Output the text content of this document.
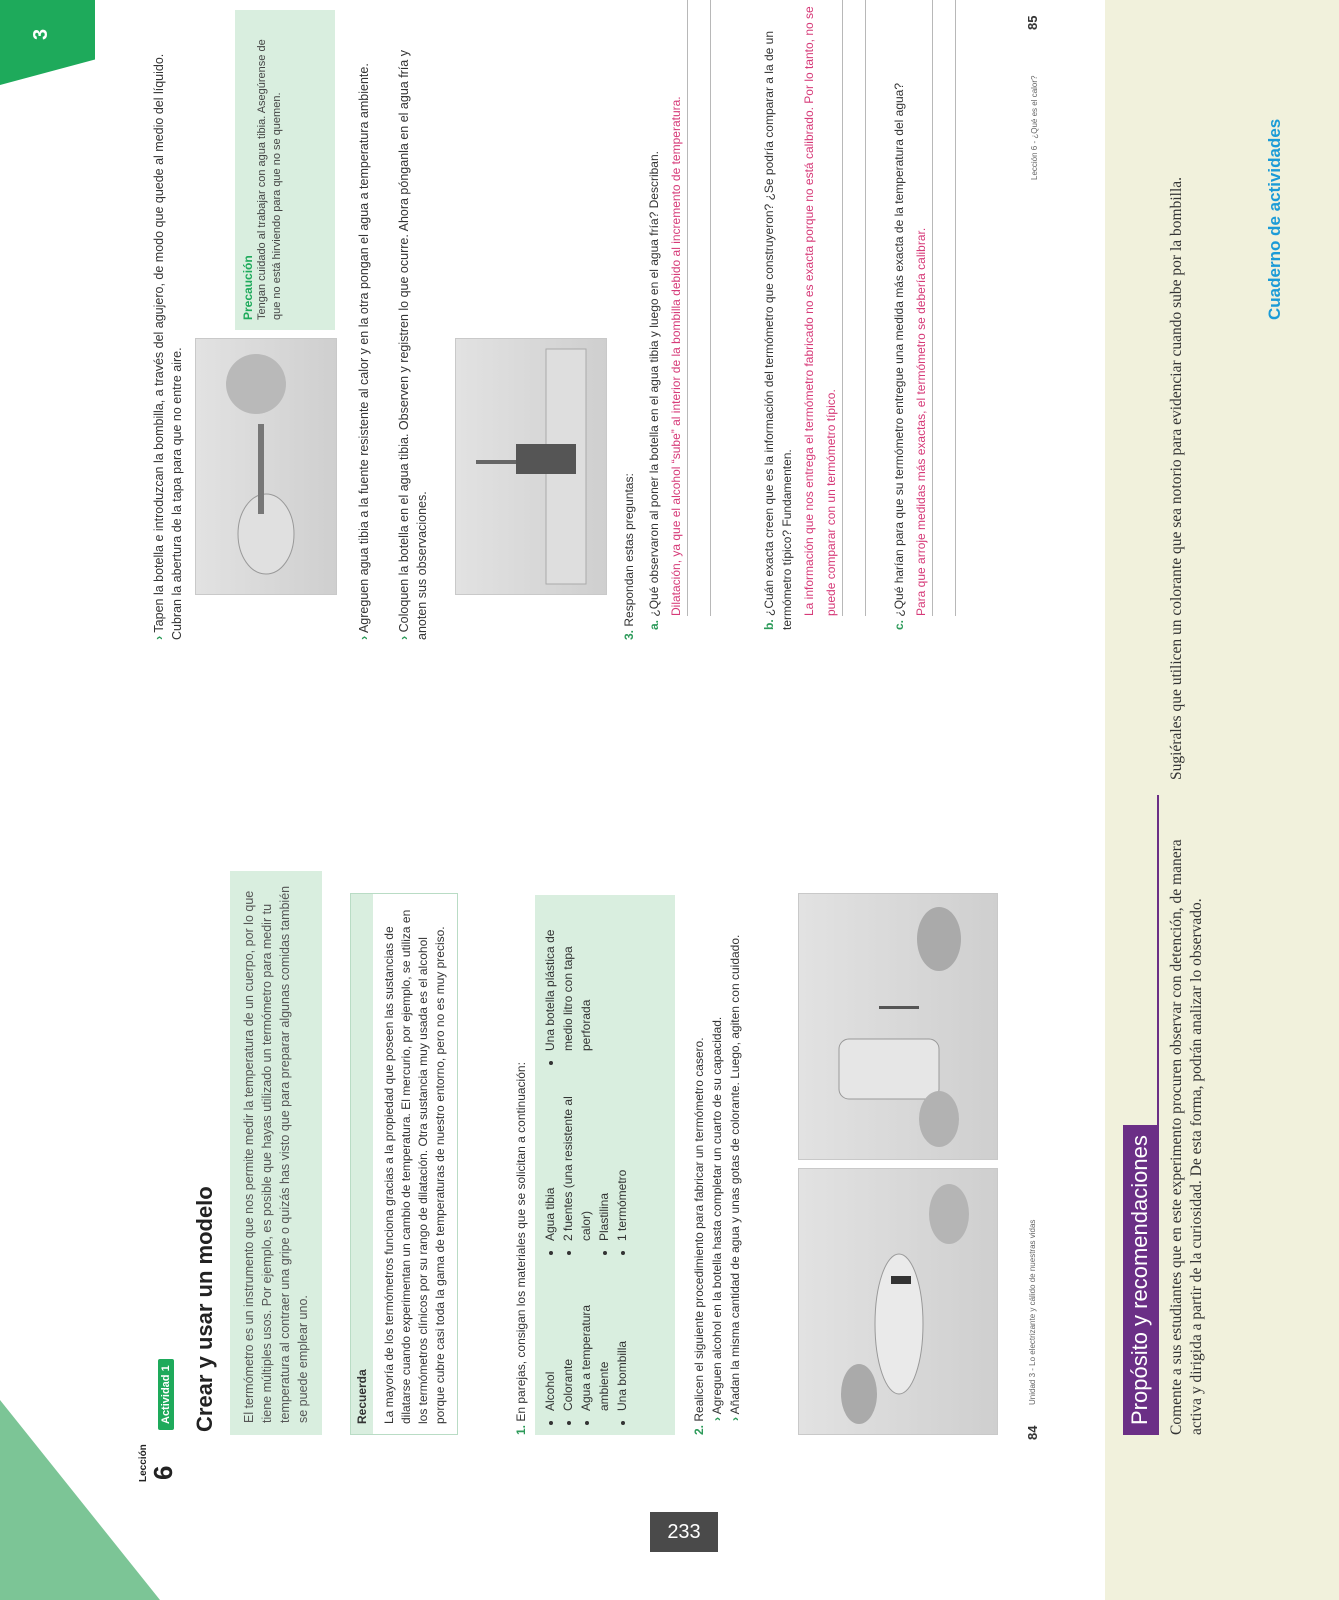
Lección 6
Actividad 1 Crear y usar un modelo	El termómetro es un instrumento que nos permite medir la temperatura de un cuerpo, por lo que tiene múltiples usos. Por ejemplo, es posible que hayas utilizado un termómetro para medir tu temperatura al contraer una gripe o quizás has visto que para preparar algunas comidas también se puede emplear uno.	Recuerda	La mayoría de los termómetros funciona gracias a la propiedad que poseen las sustancias de dilatarse cuando experimentan un cambio de temperatura. El mercurio, por ejemplo, se utiliza en los termómetros clínicos por su rango de dilatación. Otra sustancia muy usada es el alcohol porque cubre casi toda la gama de temperaturas de nuestro entorno, pero no es muy preciso.
1. En parejas, consigan los materiales que se solicitan a continuación: • Alcohol • Colorante • Agua a temperatura ambiente • Una bombilla
• Agua tibia • 2 fuentes (una resistente al calor) • Plastilina • 1 termómetro
• Una botella plástica de medio litro con tapa perforada
2. Realicen el siguiente procedimiento para fabricar un termómetro casero. › Agreguen alcohol en la botella hasta completar un cuarto de su capacidad.
› Añadan la misma cantidad de agua y unas gotas de colorante. Luego, agiten con cuidado.
84
Unidad 3 - Lo electrizante y cálido de nuestras vidas
3
› Tapen la botella e introduzcan la bombilla, a través del agujero, de modo que quede al medio del líquido. Cubran la abertura de la tapa para que no entre aire.
Precaución Tengan cuidado al trabajar con agua tibia. Asegúrense de que no está hirviendo para que no se quemen.
› Agreguen agua tibia a la fuente resistente al calor y en la otra pongan el agua a temperatura ambiente.
› Coloquen la botella en el agua tibia. Observen y registren lo que ocurre. Ahora pónganla en el agua fría y anoten sus observaciones.	3. Respondan estas preguntas: a. ¿Qué observaron al poner la botella en el agua tibia y luego en el agua fría? Describan. Dilatación, ya que el alcohol “sube” al interior de la bombilla debido al incremento de temperatura.
b. ¿Cuán exacta creen que es la información del termómetro que construyeron? ¿Se podría comparar a la de un termómetro típico? Fundamenten. La información que nos entrega el termómetro fabricado no es exacta porque no está calibrado. Por lo tanto, no se puede comparar con un termómetro típico.
c. ¿Qué harían para que su termómetro entregue una medida más exacta de la temperatura del agua? Para que arroje medidas más exactas, el termómetro se debería calibrar.
Lección 6 - ¿Qué es el calor?
85
Propósito y recomendaciones	Comente a sus estudiantes que en este experimento procuren observar con detención, de manera activa y dirigida a partir de la curiosidad. De esta forma, podrán analizar lo observado.
Sugiérales que utilicen un colorante que sea notorio para evidenciar cuando sube por la bombilla.	Cuaderno de actividades
233
